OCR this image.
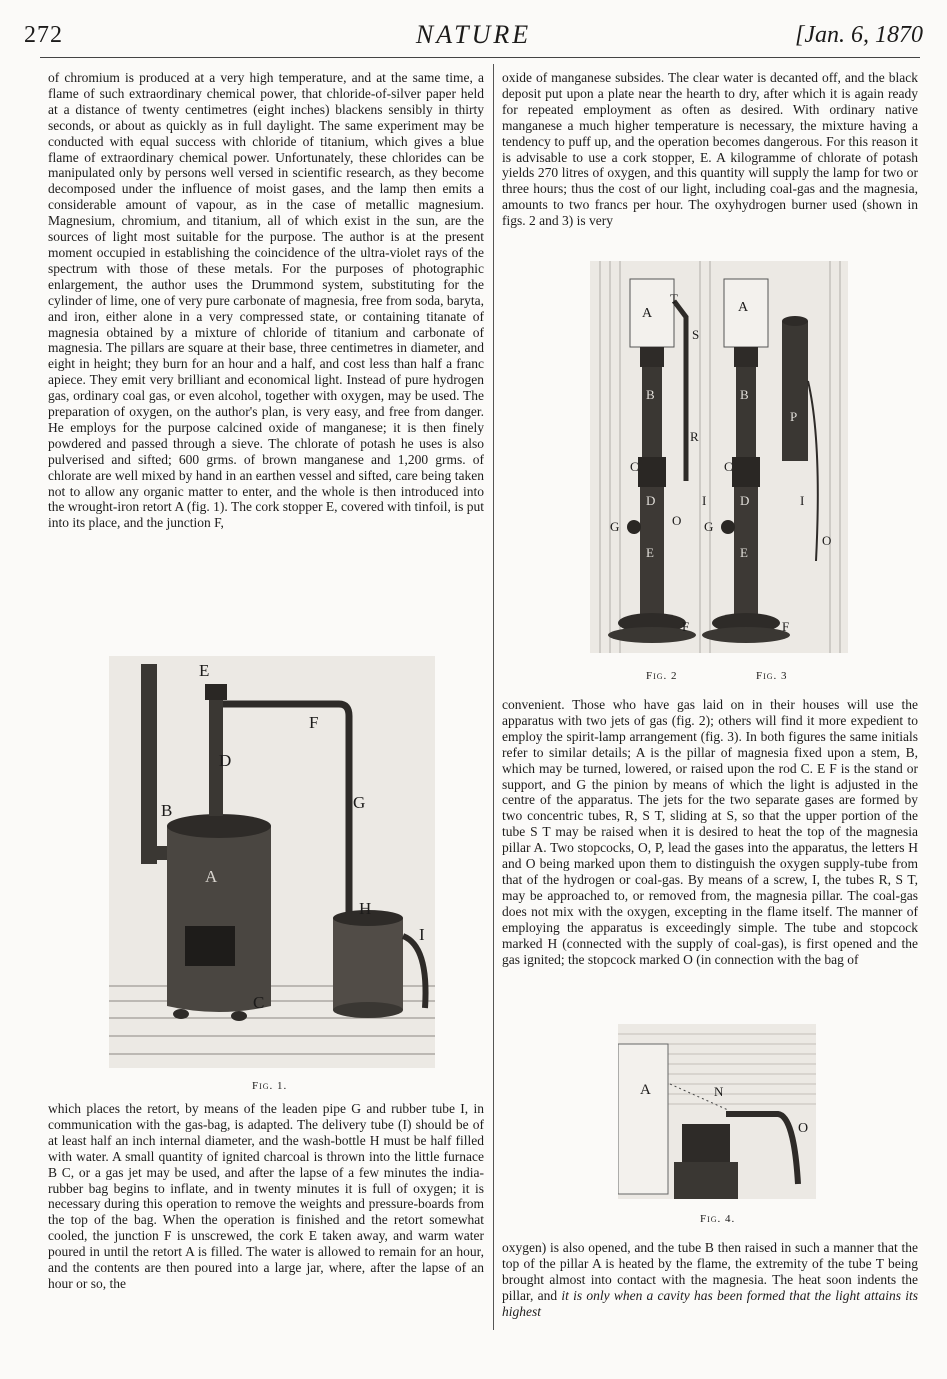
272	NATURE	[Jan. 6, 1870

of chromium is produced at a very high temperature, and at the same time, a flame of such extraordinary chemical power, that chloride-of-silver paper held at a distance of twenty centimetres (eight inches) blackens sensibly in thirty seconds, or about as quickly as in full daylight. The same experiment may be conducted with equal success with chloride of titanium, which gives a blue flame of extraordinary chemical power. Unfortunately, these chlorides can be manipulated only by persons well versed in scientific research, as they become decomposed under the influence of moist gases, and the lamp then emits a considerable amount of vapour, as in the case of metallic magnesium. Magnesium, chromium, and titanium, all of which exist in the sun, are the sources of light most suitable for the purpose. The author is at the present moment occupied in establishing the coincidence of the ultra-violet rays of the spectrum with those of these metals. For the purposes of photographic enlargement, the author uses the Drummond system, substituting for the cylinder of lime, one of very pure carbonate of magnesia, free from soda, baryta, and iron, either alone in a very compressed state, or containing titanate of magnesia obtained by a mixture of chloride of titanium and carbonate of magnesia. The pillars are square at their base, three centimetres in diameter, and eight in height; they burn for an hour and a half, and cost less than half a franc apiece. They emit very brilliant and economical light. Instead of pure hydrogen gas, ordinary coal gas, or even alcohol, together with oxygen, may be used. The preparation of oxygen, on the author's plan, is very easy, and free from danger. He employs for the purpose calcined oxide of manganese; it is then finely powdered and passed through a sieve. The chlorate of potash he uses is also pulverised and sifted; 600 grms. of brown manganese and 1,200 grms. of chlorate are well mixed by hand in an earthen vessel and sifted, care being taken not to allow any organic matter to enter, and the whole is then introduced into the wrought-iron retort A (fig. 1). The cork stopper E, covered with tinfoil, is put into its place, and the junction F,

E
F
D
B	G
A
H
I
C
Fig. 1.

which places the retort, by means of the leaden pipe G and rubber tube I, in communication with the gas-bag, is adapted. The delivery tube (I) should be of at least half an inch internal diameter, and the wash-bottle H must be half filled with water. A small quantity of ignited charcoal is thrown into the little furnace B C, or a gas jet may be used, and after the lapse of a few minutes the india-rubber bag begins to inflate, and in twenty minutes it is full of oxygen; it is necessary during this operation to remove the weights and pressure-boards from the top of the bag. When the operation is finished and the retort somewhat cooled, the junction F is unscrewed, the cork E taken away, and warm water poured in until the retort A is filled. The water is allowed to remain for an hour, and the contents are then poured into a large jar, where, after the lapse of an hour or so, the

oxide of manganese subsides. The clear water is decanted off, and the black deposit put upon a plate near the hearth to dry, after which it is again ready for repeated employment as often as desired. With ordinary native manganese a much higher temperature is necessary, the mixture having a tendency to puff up, and the operation becomes dangerous. For this reason it is advisable to use a cork stopper, E. A kilogramme of chlorate of potash yields 270 litres of oxygen, and this quantity will supply the lamp for two or three hours; thus the cost of our light, including coal-gas and the magnesia, amounts to two francs per hour. The oxyhydrogen burner used (shown in figs. 2 and 3) is very

A
T
S
B
R
C
D	I
O
G
E
F
A
B
P
C
D	I
O
G
E
F
Fig. 2	Fig. 3

convenient. Those who have gas laid on in their houses will use the apparatus with two jets of gas (fig. 2); others will find it more expedient to employ the spirit-lamp arrangement (fig. 3). In both figures the same initials refer to similar details; A is the pillar of magnesia fixed upon a stem, B, which may be turned, lowered, or raised upon the rod C. E F is the stand or support, and G the pinion by means of which the light is adjusted in the centre of the apparatus. The jets for the two separate gases are formed by two concentric tubes, R, S T, sliding at S, so that the upper portion of the tube S T may be raised when it is desired to heat the top of the magnesia pillar A. Two stopcocks, O, P, lead the gases into the apparatus, the letters H and O being marked upon them to distinguish the oxygen supply-tube from that of the hydrogen or coal-gas. By means of a screw, I, the tubes R, S T, may be approached to, or removed from, the magnesia pillar. The coal-gas does not mix with the oxygen, excepting in the flame itself. The manner of employing the apparatus is exceedingly simple. The tube and stopcock marked H (connected with the supply of coal-gas), is first opened and the gas ignited; the stopcock marked O (in connection with the bag of

A	N
O
Fig. 4.

oxygen) is also opened, and the tube B then raised in such a manner that the top of the pillar A is heated by the flame, the extremity of the tube T being brought almost into contact with the magnesia. The heat soon indents the pillar, and it is only when a cavity has been formed that the light attains its highest
